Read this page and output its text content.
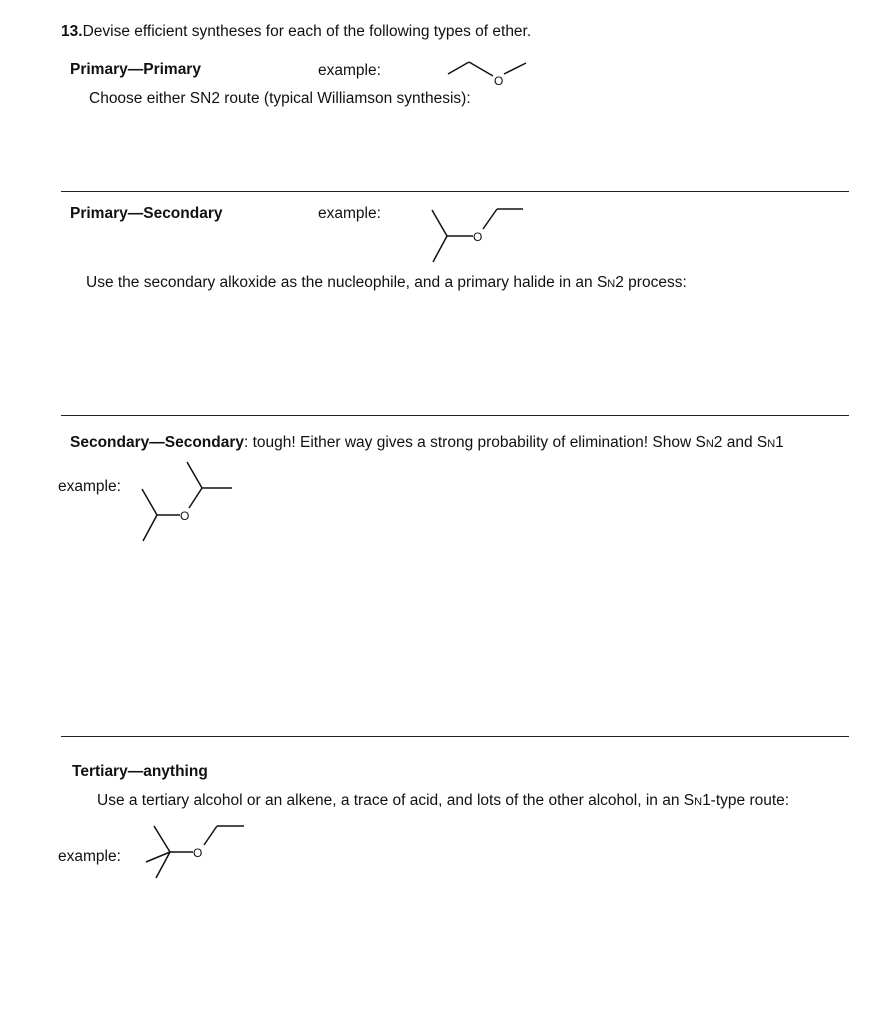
13.Devise efficient syntheses for each of the following types of ether.
Primary—Primary	example:
O
Choose either SN2 route (typical Williamson synthesis):
Primary—Secondary	example:
O
Use the secondary alkoxide as the nucleophile, and a primary halide in an SN2 process:
Secondary—Secondary: tough! Either way gives a strong probability of elimination! Show SN2 and SN1
example:
O
Tertiary—anything
Use a tertiary alcohol or an alkene, a trace of acid, and lots of the other alcohol, in an SN1-type route:
example:	O
